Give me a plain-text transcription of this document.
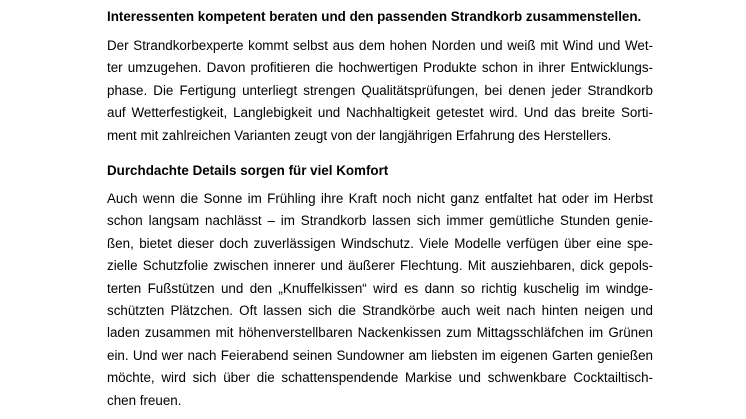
Interessenten kompetent beraten und den passenden Strandkorb zusammenstellen.
Der Strandkorbexperte kommt selbst aus dem hohen Norden und weiß mit Wind und Wet-
ter umzugehen. Davon profitieren die hochwertigen Produkte schon in ihrer Entwicklungs-
phase. Die Fertigung unterliegt strengen Qualitätsprüfungen, bei denen jeder Strandkorb
auf Wetterfestigkeit, Langlebigkeit und Nachhaltigkeit getestet wird. Und das breite Sorti-
ment mit zahlreichen Varianten zeugt von der langjährigen Erfahrung des Herstellers.
Durchdachte Details sorgen für viel Komfort
Auch wenn die Sonne im Frühling ihre Kraft noch nicht ganz entfaltet hat oder im Herbst
schon langsam nachlässt – im Strandkorb lassen sich immer gemütliche Stunden genie-
ßen, bietet dieser doch zuverlässigen Windschutz. Viele Modelle verfügen über eine spe-
zielle Schutzfolie zwischen innerer und äußerer Flechtung. Mit ausziehbaren, dick gepols-
terten Fußstützen und den „Knuffelkissen“ wird es dann so richtig kuschelig im windge-
schützten Plätzchen. Oft lassen sich die Strandkörbe auch weit nach hinten neigen und
laden zusammen mit höhenverstellbaren Nackenkissen zum Mittagsschläfchen im Grünen
ein. Und wer nach Feierabend seinen Sundowner am liebsten im eigenen Garten genießen
möchte, wird sich über die schattenspendende Markise und schwenkbare Cocktailtisch-
chen freuen.
